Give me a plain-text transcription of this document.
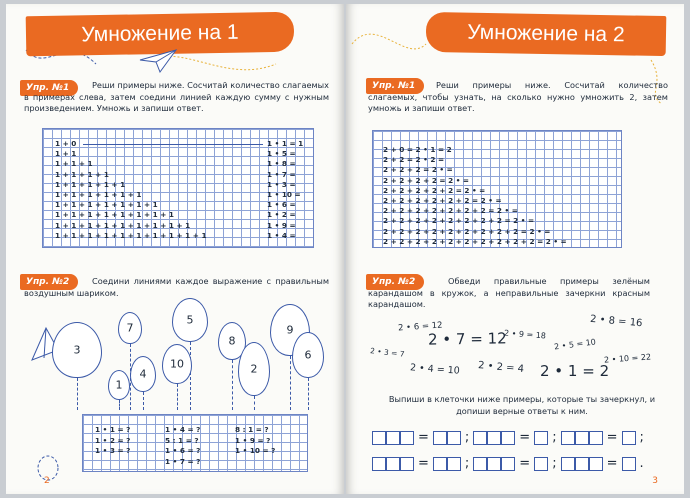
Умножение на 1
Упр. №1	Реши примеры ниже. Сосчитай количество слагаемых в примерах слева, затем соедини линией каждую сумму с нужным произведением. Умножь и запиши ответ.
1 + 0	1 • 1 = 1
1 + 1	1 • 5 =
1 + 1 + 1	1 • 8 =
1 + 1 + 1 + 1	1 • 7 =
1 + 1 + 1 + 1 + 1	1 • 3 =
1 + 1 + 1 + 1 + 1 + 1	1 • 10 =
1 + 1 + 1 + 1 + 1 + 1 + 1	1 • 6 =
1 + 1 + 1 + 1 + 1 + 1 + 1 + 1	1 • 2 =
1 + 1 + 1 + 1 + 1 + 1 + 1 + 1 + 1	1 • 9 =
1 + 1 + 1 + 1 + 1 + 1 + 1 + 1 + 1 + 1	1 • 4 =
Упр. №2	Соедини линиями каждое выражение с правильным воздушным шариком.
7
5
8
9
3
10
6
4
1
2
1 • 1 = ?
1 • 2 = ?
1 • 3 = ?
1 • 4 = ?
5 : 1 = ?
1 • 6 = ?
1 • 7 = ?
8 : 1 = ?
1 • 9 = ?
1 • 10 = ?
2
Умножение на 2
Упр. №1	Реши примеры ниже. Сосчитай количество слагаемых, чтобы узнать, на сколько нужно умножить 2, затем умножь и запиши ответ.
2 + 0 = 2 • 1 = 2
2 + 2 = 2 • 2 =
2 + 2 + 2 = 2 • =
2 + 2 + 2 + 2 = 2 • =
2 + 2 + 2 + 2 + 2 = 2 • =
2 + 2 + 2 + 2 + 2 + 2 = 2 • =
2 + 2 + 2 + 2 + 2 + 2 + 2 = 2 • =
2 + 2 + 2 + 2 + 2 + 2 + 2 + 2 = 2 • =
2 + 2 + 2 + 2 + 2 + 2 + 2 + 2 + 2 = 2 • =
2 + 2 + 2 + 2 + 2 + 2 + 2 + 2 + 2 + 2 = 2 • =
Упр. №2	Обведи правильные примеры зелёным карандашом в кружок, а неправильные зачеркни красным карандашом.
2 • 6 = 12
2 • 7 = 12
2 • 9 = 18
2 • 8 = 16
2 • 3 = 7
2 • 5 = 10
2 • 4 = 10 2 • 2 = 4 2 • 1 = 2
2 • 10 = 22
Выпиши в клеточки ниже примеры, которые ты зачеркнул, и допиши верные ответы к ним.
=	;	=	;	=	;
=	;	=	;	=	.
3
